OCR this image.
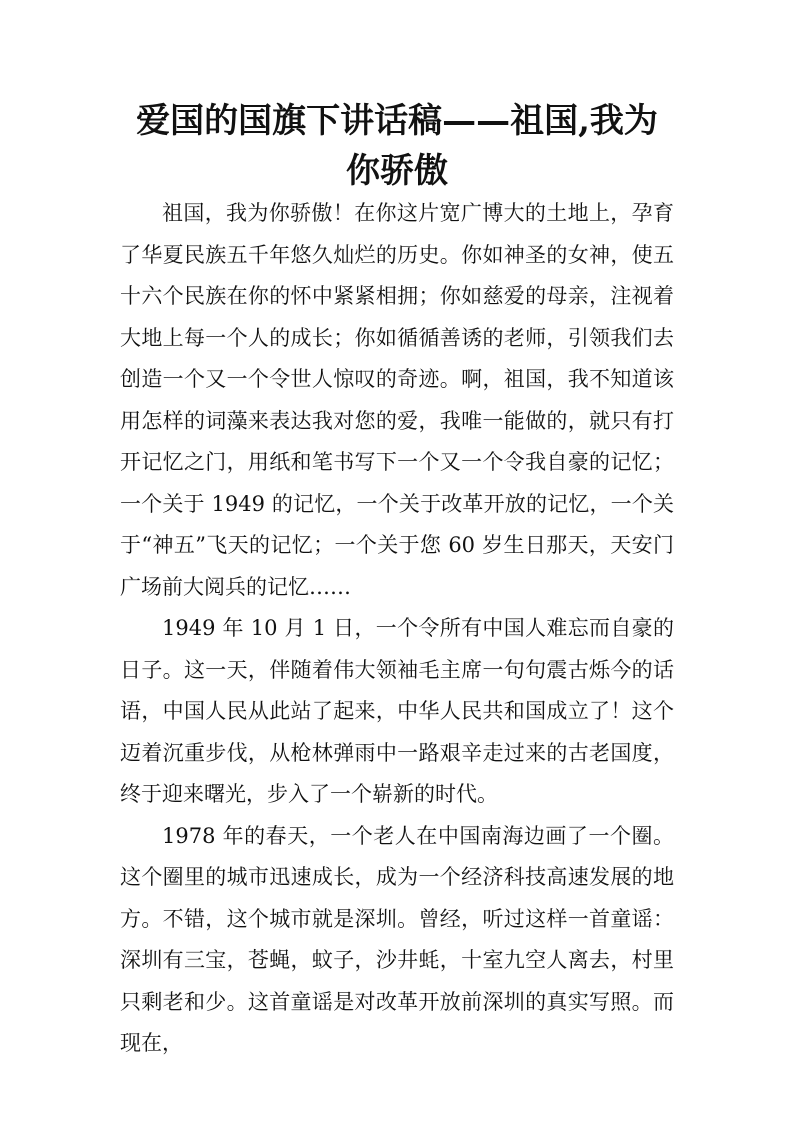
爱国的国旗下讲话稿——祖国,我为你骄傲

祖国，我为你骄傲！在你这片宽广博大的土地上，孕育了华夏民族五千年悠久灿烂的历史。你如神圣的女神，使五十六个民族在你的怀中紧紧相拥；你如慈爱的母亲，注视着大地上每一个人的成长；你如循循善诱的老师，引领我们去创造一个又一个令世人惊叹的奇迹。啊，祖国，我不知道该用怎样的词藻来表达我对您的爱，我唯一能做的，就只有打开记忆之门，用纸和笔书写下一个又一个令我自豪的记忆；一个关于 1949 的记忆，一个关于改革开放的记忆，一个关于“神五”飞天的记忆；一个关于您 60 岁生日那天，天安门广场前大阅兵的记忆……

1949 年 10 月 1 日，一个令所有中国人难忘而自豪的日子。这一天，伴随着伟大领袖毛主席一句句震古烁今的话语，中国人民从此站了起来，中华人民共和国成立了！这个迈着沉重步伐，从枪林弹雨中一路艰辛走过来的古老国度，终于迎来曙光，步入了一个崭新的时代。

1978 年的春天，一个老人在中国南海边画了一个圈。这个圈里的城市迅速成长，成为一个经济科技高速发展的地方。不错，这个城市就是深圳。曾经，听过这样一首童谣：深圳有三宝，苍蝇，蚊子，沙井蚝，十室九空人离去，村里只剩老和少。这首童谣是对改革开放前深圳的真实写照。而现在，
